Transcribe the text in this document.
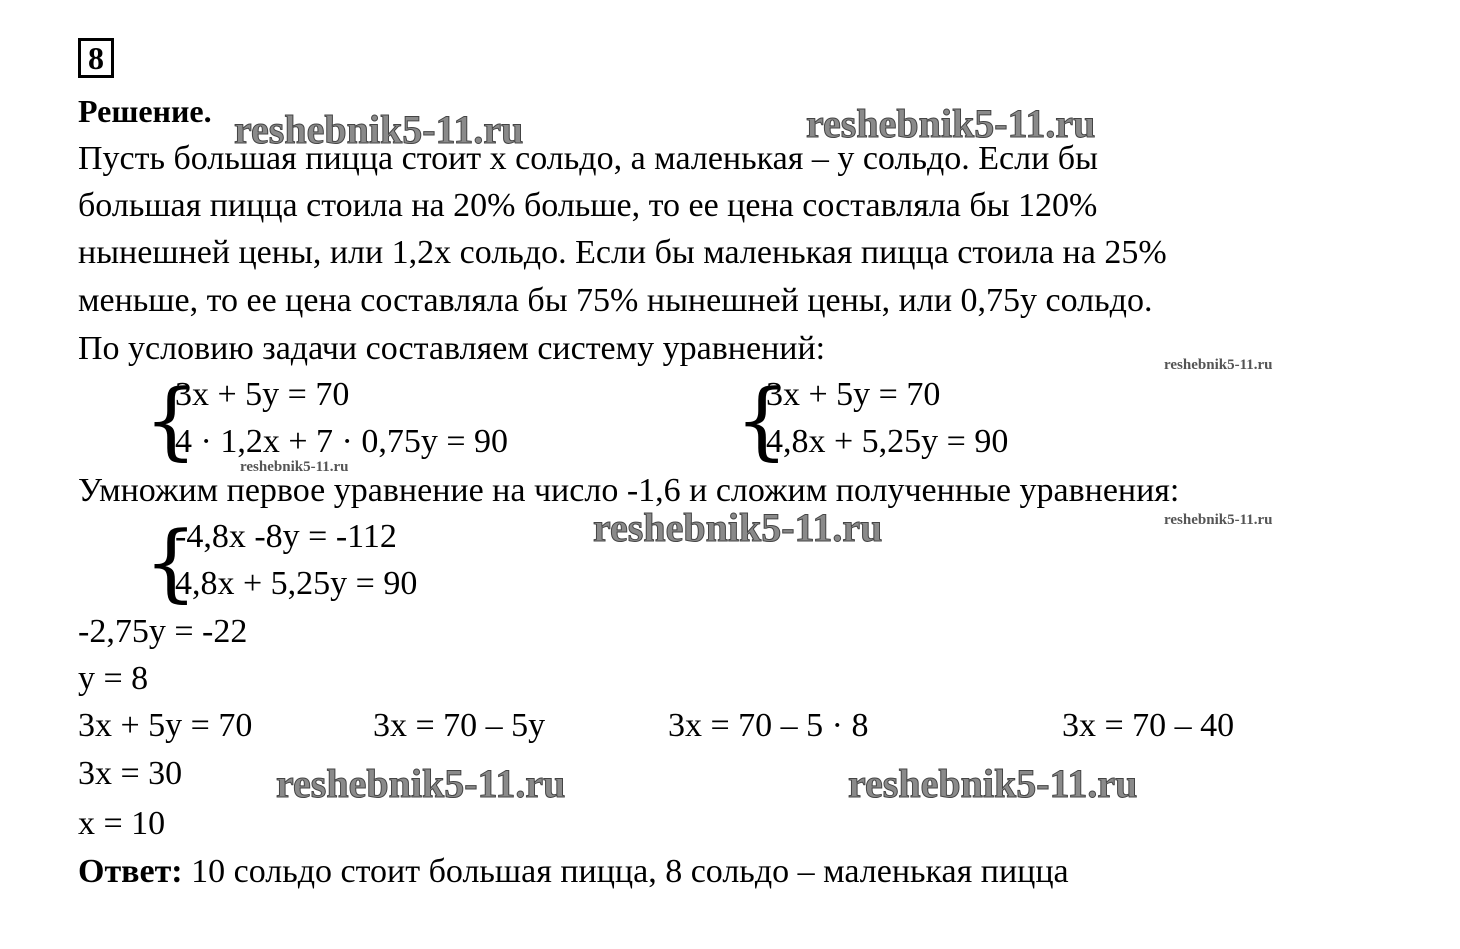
8
Решение.
Пусть большая пицца стоит x сольдо, а маленькая – y сольдо. Если бы
большая пицца стоила на 20% больше, то ее цена составляла бы 120%
нынешней цены, или 1,2x сольдо. Если бы маленькая пицца стоила на 25%
меньше, то ее цена составляла бы 75% нынешней цены, или 0,75y сольдо.
По условию задачи составляем систему уравнений:
{
3x + 5y = 70
4 · 1,2x + 7 · 0,75y = 90	{
3x + 5y = 70
4,8x + 5,25y = 90
Умножим первое уравнение на число -1,6 и сложим полученные уравнения:
{
-4,8x -8y = -112
4,8x + 5,25y = 90
-2,75y = -22
y = 8
3x + 5y = 70	3x = 70 – 5y	3x = 70 – 5 · 8	3x = 70 – 40
3x = 30
x = 10
Ответ: 10 сольдо стоит большая пицца, 8 сольдо – маленькая пицца
reshebnik5-11.ru	reshebnik5-11.ru
reshebnik5-11.ru
reshebnik5-11.ru	reshebnik5-11.ru
reshebnik5-11.ru
reshebnik5-11.ru
reshebnik5-11.ru
